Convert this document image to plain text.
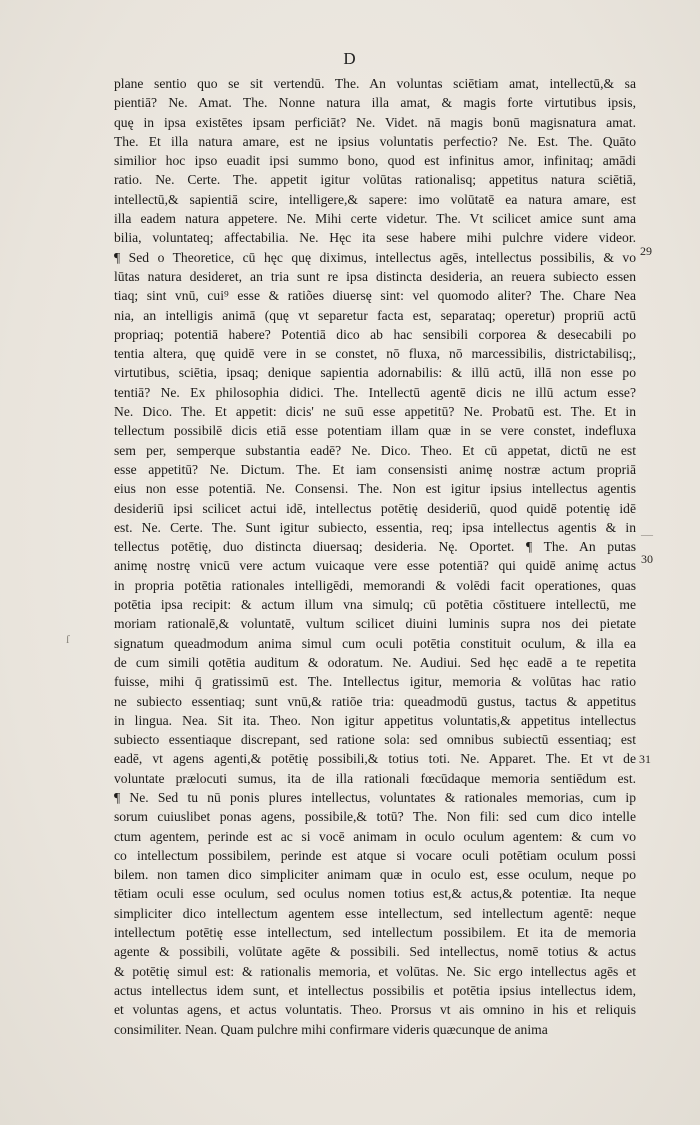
D
plane sentio quo se sit vertendū. The. An voluntas sciētiam amat, intellectū,& sa
pientiā? Ne. Amat. The. Nonne natura illa amat, & magis forte virtutibus ipsis,
quę in ipsa existētes ipsam perficiāt? Ne. Videt. nā magis bonū magisnatura amat.
The. Et illa natura amare, est ne ipsius voluntatis perfectio? Ne. Est. The. Quāto
similior hoc ipso euadit ipsi summo bono, quod est infinitus amor, infinitaq; amādi
ratio. Ne. Certe. The. appetit igitur volūtas rationalisq; appetitus natura sciētiā,
intellectū,& sapientiā scire, intelligere,& sapere: imo volūtatē ea natura amare, est
illa eadem natura appetere. Ne. Mihi certe videtur. The. Vt scilicet amice sunt ama
bilia, voluntateq; affectabilia. Ne. Hęc ita sese habere mihi pulchre videre videor.
¶ Sed o Theoretice, cū hęc quę diximus, intellectus agēs, intellectus possibilis, & vo
lūtas natura desideret, an tria sunt re ipsa distincta desideria, an reuera subiecto essen
tiaq; sint vnū, cui⁹ esse & ratiões diuersę sint: vel quomodo aliter? The. Chare Nea
nia, an intelligis animā (quę vt separetur facta est, separataq; operetur) propriū actū
propriaq; potentiā habere? Potentiā dico ab hac sensibili corporea & desecabili po
tentia altera, quę quidē vere in se constet, nō fluxa, nō marcessibilis, districtabilisq;,
virtutibus, sciētia, ipsaq; denique sapientia adornabilis: & illū actū, illā non esse po
tentiā? Ne. Ex philosophia didici. The. Intellectū agentē dicis ne illū actum esse?
Ne. Dico. The. Et appetit: dicis' ne suū esse appetitū? Ne. Probatū est. The. Et in
tellectum possibilē dicis etiā esse potentiam illam quæ in se vere constet, indefluxa
sem per, semperque substantia eadē? Ne. Dico. Theo. Et cū appetat, dictū ne est
esse appetitū? Ne. Dictum. The. Et iam consensisti animę nostræ actum propriā
eius non esse potentiā. Ne. Consensi. The. Non est igitur ipsius intellectus agentis
desideriū ipsi scilicet actui idē, intellectus potētię desideriū, quod quidē potentię idē
est. Ne. Certe. The. Sunt igitur subiecto, essentia, req; ipsa intellectus agentis & in
tellectus potētię, duo distincta diuersaq; desideria. Nę. Oportet. ¶ The. An putas
animę nostrę vnicū vere actum vuicaque vere esse potentiā? qui quidē animę actus
in propria potētia rationales intelligēdi, memorandi & volēdi facit operationes, quas
potētia ipsa recipit: & actum illum vna simulq; cū potētia cōstituere intellectū, me
moriam rationalē,& voluntatē, vultum scilicet diuini luminis supra nos dei pietate
signatum queadmodum anima simul cum oculi potētia constituit oculum, & illa ea
de cum simili qotētia auditum & odoratum. Ne. Audiui. Sed hęc eadē a te repetita
fuisse, mihi q̄ gratissimū est. The. Intellectus igitur, memoria & volūtas hac ratio
ne subiecto essentiaq; sunt vnū,& ratiōe tria: queadmodū gustus, tactus & appetitus
in lingua. Nea. Sit ita. Theo. Non igitur appetitus voluntatis,& appetitus intellectus
subiecto essentiaque discrepant, sed ratione sola: sed omnibus subiectū essentiaq; est
eadē, vt agens agenti,& potētię possibili,& totius toti. Ne. Apparet. The. Et vt de
voluntate prælocuti sumus, ita de illa rationali fœcūdaque memoria sentiēdum est.
¶ Ne. Sed tu nū ponis plures intellectus, voluntates & rationales memorias, cum ip
sorum cuiuslibet ponas agens, possibile,& totū? The. Non fili: sed cum dico intelle
ctum agentem, perinde est ac si vocē animam in oculo oculum agentem: & cum vo
co intellectum possibilem, perinde est atque si vocare oculi potētiam oculum possi
bilem. non tamen dico simpliciter animam quæ in oculo est, esse oculum, neque po
tētiam oculi esse oculum, sed oculus nomen totius est,& actus,& potentiæ. Ita neque
simpliciter dico intellectum agentem esse intellectum, sed intellectum agentē: neque
intellectum potētię esse intellectum, sed intellectum possibilem. Et ita de memoria
agente & possibili, volūtate agēte & possibili. Sed intellectus, nomē totius & actus
& potētię simul est: & rationalis memoria, et volūtas. Ne. Sic ergo intellectus agēs et
actus intellectus idem sunt, et intellectus possibilis et potētia ipsius intellectus idem,
et voluntas agens, et actus voluntatis. Theo. Prorsus vt ais omnino in his et reliquis
consimiliter. Nean. Quam pulchre mihi confirmare videris quæcunque de anima
29
30
31
—
ſ
